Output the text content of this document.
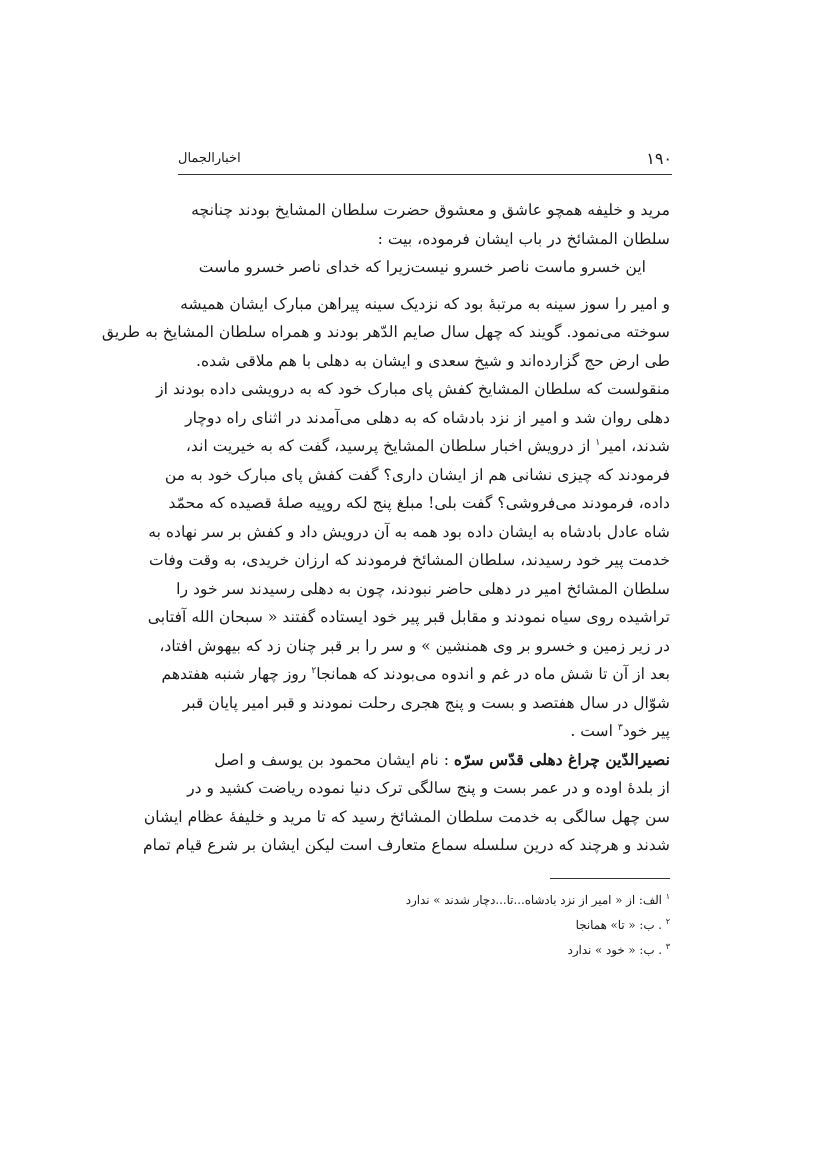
۱۹۰
اخبارالجمال
مرید و خلیفه همچو عاشق و معشوق حضرت سلطان المشایخ بودند چنانچه
سلطان المشائخ در باب ایشان فرموده، بیت :
این خسرو ماست ناصر خسرو نیست
زیرا که خدای ناصر خسرو ماست
و امیر را سوز سینه به مرتبهٔ بود که نزدیک سینه پیراهن مبارک ایشان همیشه
سوخته می‌نمود. گویند که چهل سال صایم الدّهر بودند و همراه سلطان المشایخ به طریق
طی ارض حج گزارده‌اند و شیخ سعدی و ایشان به دهلی با هم ملاقی شده.
منقولست که سلطان المشایخ کفش پای مبارک خود که به درویشی داده بودند از
دهلی روان شد و امیر از نزد بادشاه که به دهلی می‌آمدند در اثنای راه دوچار
شدند، امیر$^۱$ از درویش اخبار سلطان المشایخ پرسید، گفت که به خیریت اند،
فرمودند که چیزی نشانی هم از ایشان داری؟ گفت کفش پای مبارک خود به من
داده، فرمودند می‌فروشی؟ گفت بلی! مبلغ پنج لکه روپیه صلهٔ قصیده که محمّد
شاه عادل بادشاه به ایشان داده بود همه به آن درویش داد و کفش بر سر نهاده به
خدمت پیر خود رسیدند، سلطان المشائخ فرمودند که ارزان خریدی، به وقت وفات
سلطان المشائخ امیر در دهلی حاضر نبودند، چون به دهلی رسیدند سر خود را
تراشیده روی سیاه نمودند و مقابل قبر پیر خود ایستاده گفتند « سبحان الله آفتابی
در زیر زمین و خسرو بر وی همنشین » و سر را بر قبر چنان زد که بیهوش افتاد،
بعد از آن تا شش ماه در غم و اندوه می‌بودند که همانجا$^۲$ روز چهار شنبه هفتدهم
شوّال در سال هفتصد و بست و پنج هجری رحلت نمودند و قبر امیر پایان قبر
پیر خود$^۳$ است .
نصیرالدّین چراغ دهلی قدّس سرّه : نام ایشان محمود بن یوسف و اصل
از بلدهٔ اوده و در عمر بست و پنج سالگی ترک دنیا نموده ریاضت کشید و در
سن چهل سالگی به خدمت سلطان المشائخ رسید که تا مرید و خلیفهٔ عظام ایشان
شدند و هرچند که درین سلسله سماع متعارف است لیکن ایشان بر شرع قیام تمام
$^۱$ الف: از « امیر از نزد بادشاه...تا...دچار شدند » ندارد
$^۲$ . ب: « تا» همانجا
$^۳$ . ب: « خود » ندارد
